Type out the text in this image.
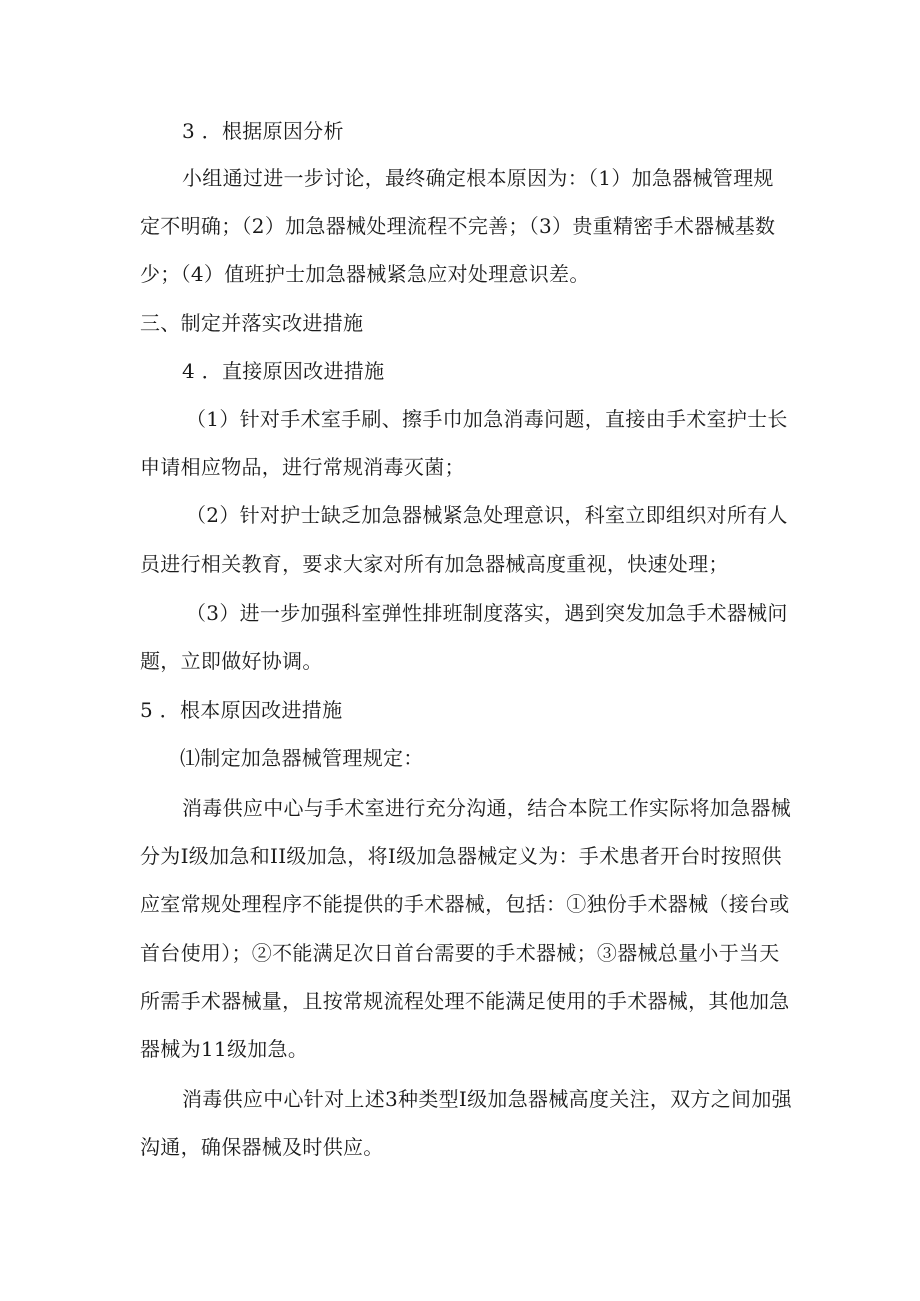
3 ．根据原因分析
小组通过进一步讨论，最终确定根本原因为：（1）加急器械管理规
定不明确；（2）加急器械处理流程不完善；（3）贵重精密手术器械基数
少；（4）值班护士加急器械紧急应对处理意识差。
三、制定并落实改进措施
4 ．直接原因改进措施
（1）针对手术室手刷、擦手巾加急消毒问题，直接由手术室护士长
申请相应物品，进行常规消毒灭菌；
（2）针对护士缺乏加急器械紧急处理意识，科室立即组织对所有人
员进行相关教育，要求大家对所有加急器械高度重视，快速处理；
（3）进一步加强科室弹性排班制度落实，遇到突发加急手术器械问
题，立即做好协调。
5 ．根本原因改进措施
⑴制定加急器械管理规定：
消毒供应中心与手术室进行充分沟通，结合本院工作实际将加急器械
分为I级加急和II级加急，将I级加急器械定义为：手术患者开台时按照供
应室常规处理程序不能提供的手术器械，包括：①独份手术器械（接台或
首台使用）；②不能满足次日首台需要的手术器械；③器械总量小于当天
所需手术器械量，且按常规流程处理不能满足使用的手术器械，其他加急
器械为11级加急。
消毒供应中心针对上述3种类型I级加急器械高度关注，双方之间加强
沟通，确保器械及时供应。
